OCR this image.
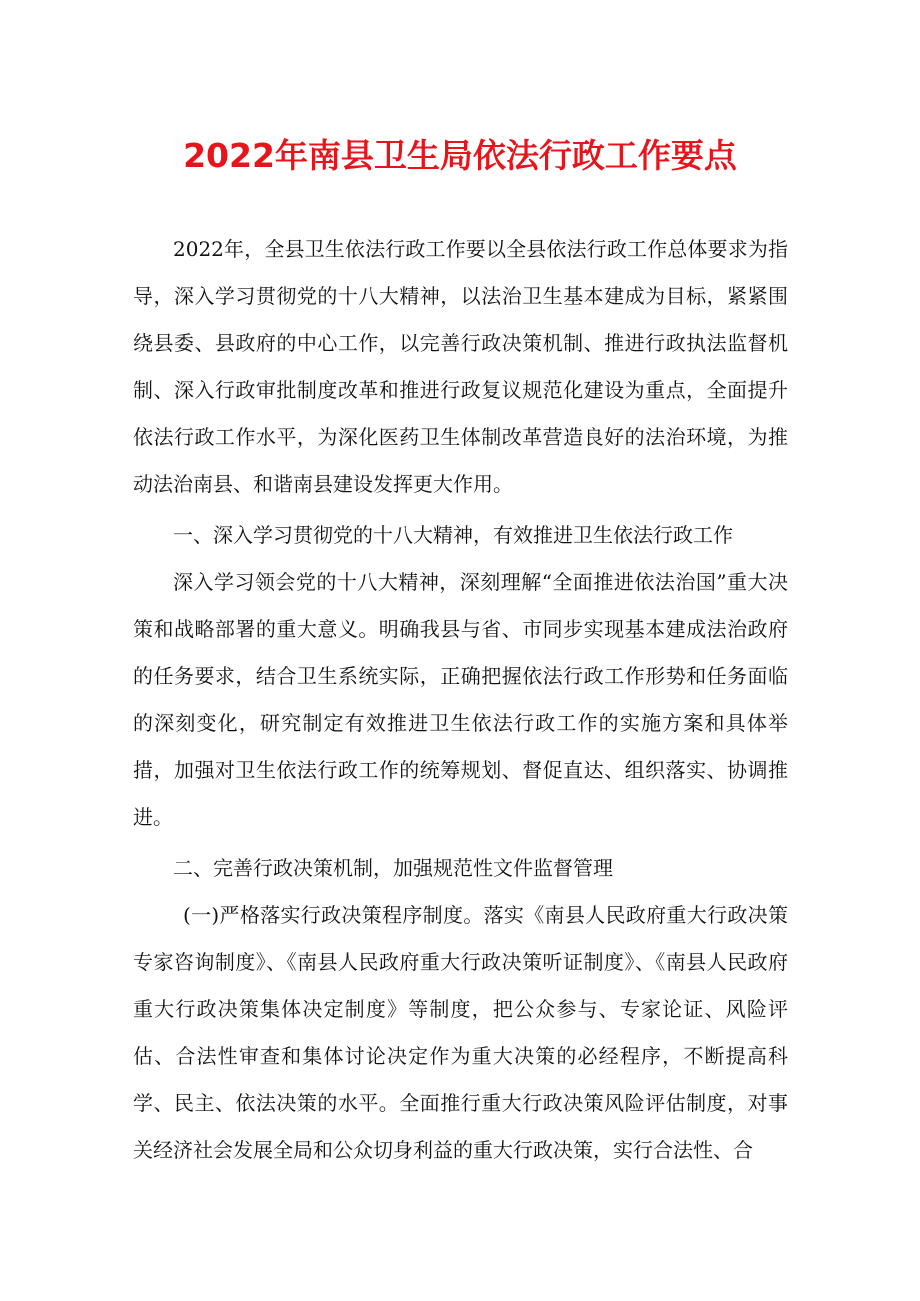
2022年南县卫生局依法行政工作要点

2022年，全县卫生依法行政工作要以全县依法行政工作总体要求为指导，深入学习贯彻党的十八大精神，以法治卫生基本建成为目标，紧紧围绕县委、县政府的中心工作，以完善行政决策机制、推进行政执法监督机制、深入行政审批制度改革和推进行政复议规范化建设为重点，全面提升依法行政工作水平，为深化医药卫生体制改革营造良好的法治环境，为推动法治南县、和谐南县建设发挥更大作用。

一、深入学习贯彻党的十八大精神，有效推进卫生依法行政工作

深入学习领会党的十八大精神，深刻理解“全面推进依法治国”重大决策和战略部署的重大意义。明确我县与省、市同步实现基本建成法治政府的任务要求，结合卫生系统实际，正确把握依法行政工作形势和任务面临的深刻变化，研究制定有效推进卫生依法行政工作的实施方案和具体举措，加强对卫生依法行政工作的统筹规划、督促直达、组织落实、协调推进。

二、完善行政决策机制，加强规范性文件监督管理

(一)严格落实行政决策程序制度。落实《南县人民政府重大行政决策专家咨询制度》、《南县人民政府重大行政决策听证制度》、《南县人民政府重大行政决策集体决定制度》等制度，把公众参与、专家论证、风险评估、合法性审查和集体讨论决定作为重大决策的必经程序，不断提高科学、民主、依法决策的水平。全面推行重大行政决策风险评估制度，对事关经济社会发展全局和公众切身利益的重大行政决策，实行合法性、合
